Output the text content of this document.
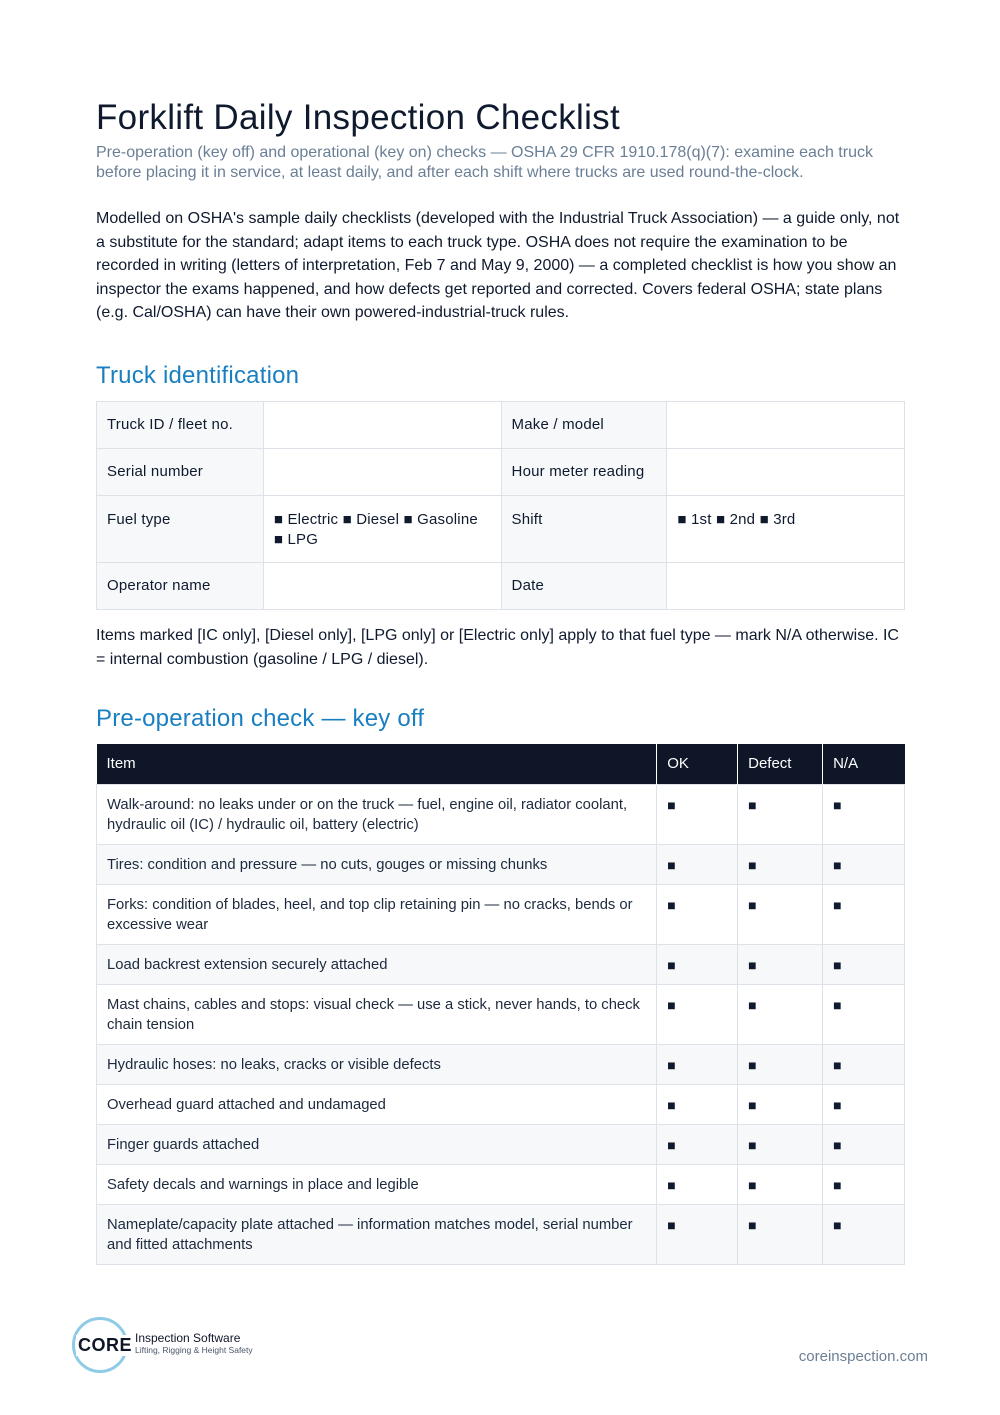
Forklift Daily Inspection Checklist

Pre-operation (key off) and operational (key on) checks — OSHA 29 CFR 1910.178(q)(7): examine each truck before placing it in service, at least daily, and after each shift where trucks are used round-the-clock.

Modelled on OSHA's sample daily checklists (developed with the Industrial Truck Association) — a guide only, not a substitute for the standard; adapt items to each truck type. OSHA does not require the examination to be recorded in writing (letters of interpretation, Feb 7 and May 9, 2000) — a completed checklist is how you show an inspector the exams happened, and how defects get reported and corrected. Covers federal OSHA; state plans (e.g. Cal/OSHA) can have their own powered-industrial-truck rules.

Truck identification
Truck ID / fleet no.		Make / model	
Serial number		Hour meter reading	
Fuel type	■ Electric ■ Diesel ■ Gasoline ■ LPG	Shift	■ 1st ■ 2nd ■ 3rd
Operator name		Date	

Items marked [IC only], [Diesel only], [LPG only] or [Electric only] apply to that fuel type — mark N/A otherwise. IC = internal combustion (gasoline / LPG / diesel).

Pre-operation check — key off
Item	OK	Defect	N/A
Walk-around: no leaks under or on the truck — fuel, engine oil, radiator coolant, hydraulic oil (IC) / hydraulic oil, battery (electric)	■	■	■
Tires: condition and pressure — no cuts, gouges or missing chunks	■	■	■
Forks: condition of blades, heel, and top clip retaining pin — no cracks, bends or excessive wear	■	■	■
Load backrest extension securely attached	■	■	■
Mast chains, cables and stops: visual check — use a stick, never hands, to check chain tension	■	■	■
Hydraulic hoses: no leaks, cracks or visible defects	■	■	■
Overhead guard attached and undamaged	■	■	■
Finger guards attached	■	■	■
Safety decals and warnings in place and legible	■	■	■
Nameplate/capacity plate attached — information matches model, serial number and fitted attachments	■	■	■
CORE Inspection Software
Lifting, Rigging & Height Safety	coreinspection.com
